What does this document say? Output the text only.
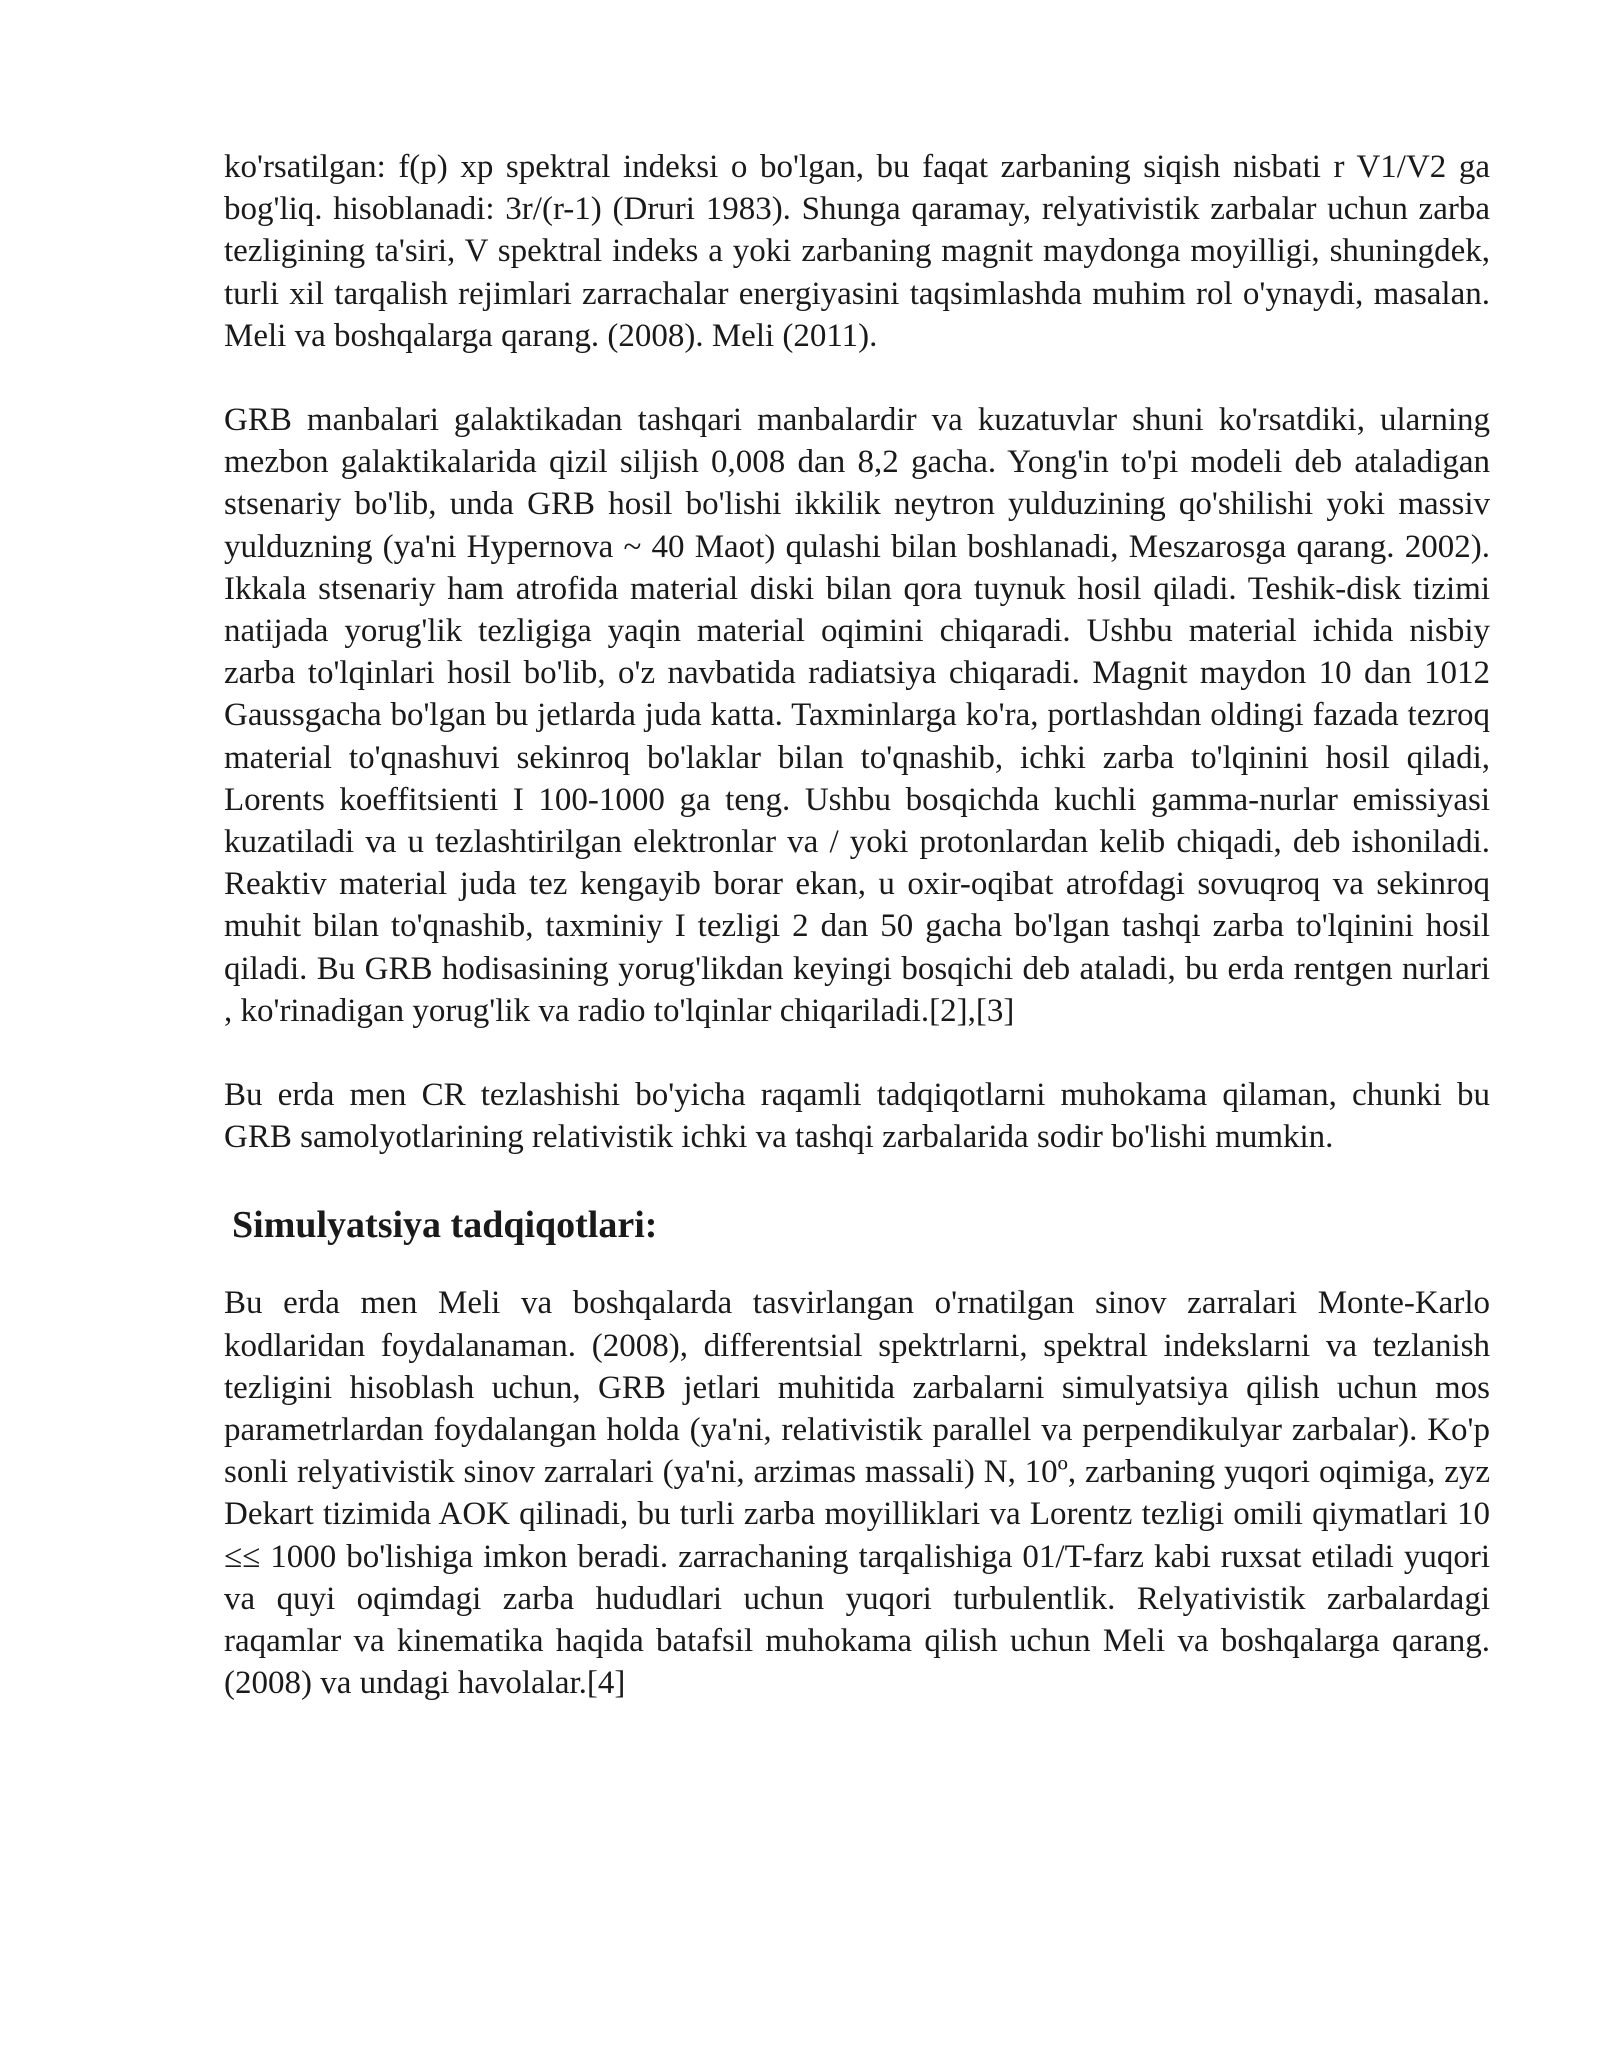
ko'rsatilgan: f(p) xp spektral indeksi o bo'lgan, bu faqat zarbaning siqish nisbati r V1/V2 ga bog'liq. hisoblanadi: 3r/(r-1) (Druri 1983). Shunga qaramay, relyativistik zarbalar uchun zarba tezligining ta'siri, V spektral indeks a yoki zarbaning magnit maydonga moyilligi, shuningdek, turli xil tarqalish rejimlari zarrachalar energiyasini taqsimlashda muhim rol o'ynaydi, masalan. Meli va boshqalarga qarang. (2008). Meli (2011).

GRB manbalari galaktikadan tashqari manbalardir va kuzatuvlar shuni ko'rsatdiki, ularning mezbon galaktikalarida qizil siljish 0,008 dan 8,2 gacha. Yong'in to'pi modeli deb ataladigan stsenariy bo'lib, unda GRB hosil bo'lishi ikkilik neytron yulduzining qo'shilishi yoki massiv yulduzning (ya'ni Hypernova ~ 40 Maot) qulashi bilan boshlanadi, Meszarosga qarang. 2002). Ikkala stsenariy ham atrofida material diski bilan qora tuynuk hosil qiladi. Teshik-disk tizimi natijada yorug'lik tezligiga yaqin material oqimini chiqaradi. Ushbu material ichida nisbiy zarba to'lqinlari hosil bo'lib, o'z navbatida radiatsiya chiqaradi. Magnit maydon 10 dan 1012 Gaussgacha bo'lgan bu jetlarda juda katta. Taxminlarga ko'ra, portlashdan oldingi fazada tezroq material to'qnashuvi sekinroq bo'laklar bilan to'qnashib, ichki zarba to'lqinini hosil qiladi, Lorents koeffitsienti I 100-1000 ga teng. Ushbu bosqichda kuchli gamma-nurlar emissiyasi kuzatiladi va u tezlashtirilgan elektronlar va / yoki protonlardan kelib chiqadi, deb ishoniladi. Reaktiv material juda tez kengayib borar ekan, u oxir-oqibat atrofdagi sovuqroq va sekinroq muhit bilan to'qnashib, taxminiy I tezligi 2 dan 50 gacha bo'lgan tashqi zarba to'lqinini hosil qiladi. Bu GRB hodisasining yorug'likdan keyingi bosqichi deb ataladi, bu erda rentgen nurlari , ko'rinadigan yorug'lik va radio to'lqinlar chiqariladi.[2],[3]

Bu erda men CR tezlashishi bo'yicha raqamli tadqiqotlarni muhokama qilaman, chunki bu GRB samolyotlarining relativistik ichki va tashqi zarbalarida sodir bo'lishi mumkin.

Simulyatsiya tadqiqotlari:

Bu erda men Meli va boshqalarda tasvirlangan o'rnatilgan sinov zarralari Monte-Karlo kodlaridan foydalanaman. (2008), differentsial spektrlarni, spektral indekslarni va tezlanish tezligini hisoblash uchun, GRB jetlari muhitida zarbalarni simulyatsiya qilish uchun mos parametrlardan foydalangan holda (ya'ni, relativistik parallel va perpendikulyar zarbalar). Ko'p sonli relyativistik sinov zarralari (ya'ni, arzimas massali) N, 10º, zarbaning yuqori oqimiga, zyz Dekart tizimida AOK qilinadi, bu turli zarba moyilliklari va Lorentz tezligi omili qiymatlari 10 ≤≤ 1000 bo'lishiga imkon beradi. zarrachaning tarqalishiga 01/T-farz kabi ruxsat etiladi yuqori va quyi oqimdagi zarba hududlari uchun yuqori turbulentlik. Relyativistik zarbalardagi raqamlar va kinematika haqida batafsil muhokama qilish uchun Meli va boshqalarga qarang. (2008) va undagi havolalar.[4]
